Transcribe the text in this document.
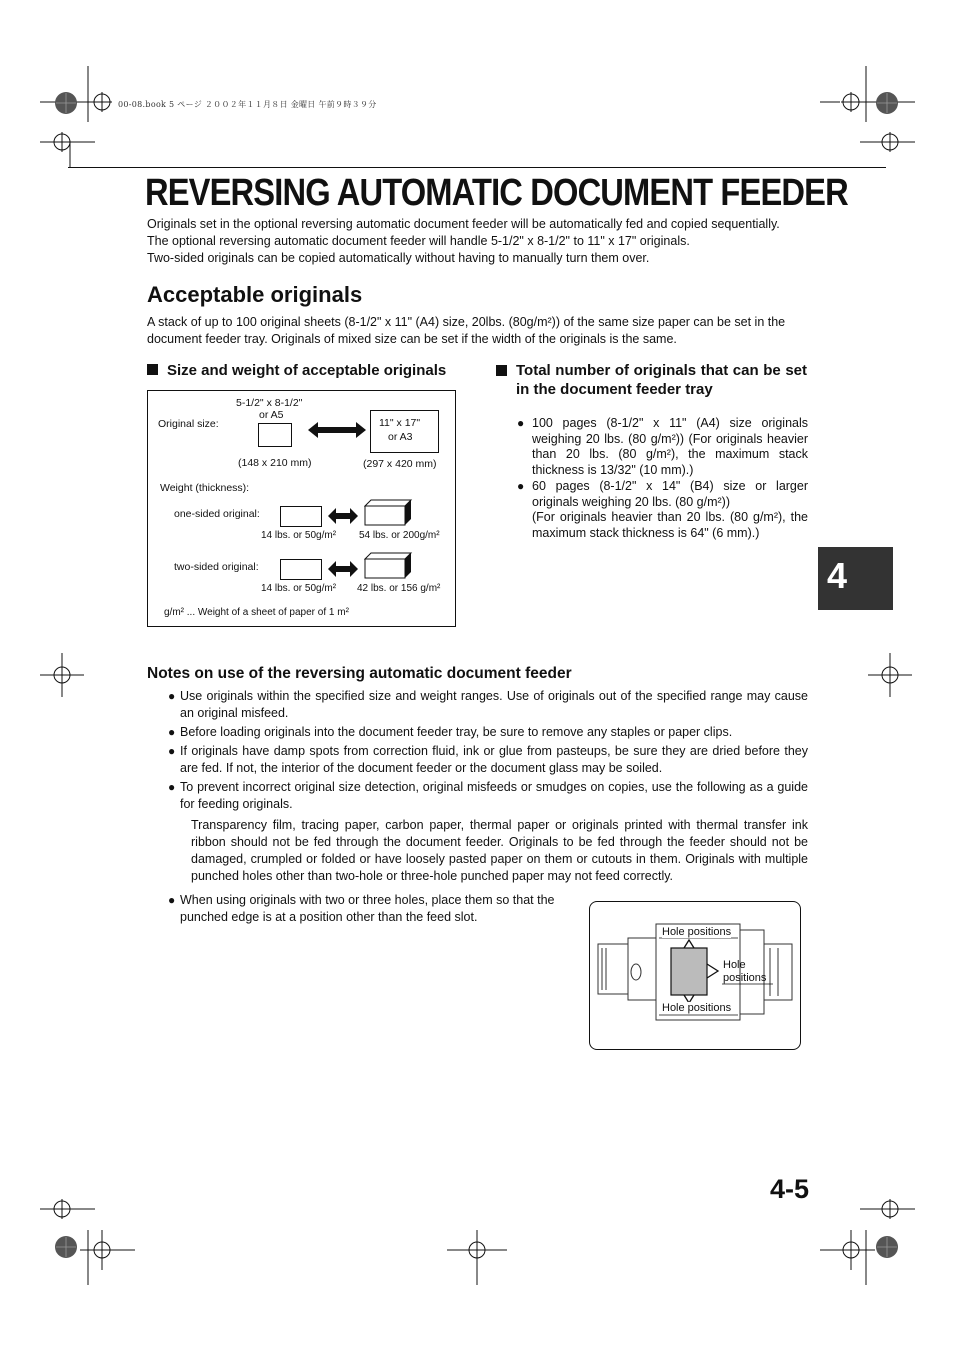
00-08.book 5 ページ ２００２年１１月８日 金曜日 午前９時３９分
REVERSING AUTOMATIC DOCUMENT FEEDER

Originals set in the optional reversing automatic document feeder will be automatically fed and copied sequentially.

The optional reversing automatic document feeder will handle 5-1/2" x 8-1/2" to 11" x 17" originals.

Two-sided originals can be copied automatically without having to manually turn them over.

Acceptable originals
A stack of up to 100 original sheets (8-1/2" x 11" (A4) size, 20lbs. (80g/m²)) of the same size paper can be set in the document feeder tray. Originals of mixed size can be set if the width of the originals is the same.
Size and weight of acceptable originals	Total number of originals that can be set in the document feeder tray
5-1/2" x 8-1/2"
or A5
Original size:	11" x 17"
or A3
(148 x 210 mm)	(297 x 420 mm)
Weight (thickness):
one-sided original:
14 lbs. or 50g/m² 54 lbs. or 200g/m²
two-sided original:
14 lbs. or 50g/m² 42 lbs. or 156 g/m²
g/m² ... Weight of a sheet of paper of 1 m²
● 100 pages (8-1/2" x 11" (A4) size originals weighing 20 lbs. (80 g/m²)) (For originals heavier than 20 lbs. (80 g/m²), the maximum stack thickness is 13/32" (10 mm).)
● 60 pages (8-1/2" x 14" (B4) size or larger originals weighing 20 lbs. (80 g/m²))
(For originals heavier than 20 lbs. (80 g/m²), the maximum stack thickness is 64" (6 mm).)
4
Notes on use of the reversing automatic document feeder
● Use originals within the specified size and weight ranges. Use of originals out of the specified range may cause an original misfeed.
● Before loading originals into the document feeder tray, be sure to remove any staples or paper clips.
● If originals have damp spots from correction fluid, ink or glue from pasteups, be sure they are dried before they are fed. If not, the interior of the document feeder or the document glass may be soiled.
● To prevent incorrect original size detection, original misfeeds or smudges on copies, use the following as a guide for feeding originals.
Transparency film, tracing paper, carbon paper, thermal paper or originals printed with thermal transfer ink ribbon should not be fed through the document feeder. Originals to be fed through the feeder should not be damaged, crumpled or folded or have loosely pasted paper on them or cutouts in them. Originals with multiple punched holes other than two-hole or three-hole punched paper may not feed correctly.
● When using originals with two or three holes, place them so that the punched edge is at a position other than the feed slot.
Hole positions
Hole
positions
Hole positions
4-5
